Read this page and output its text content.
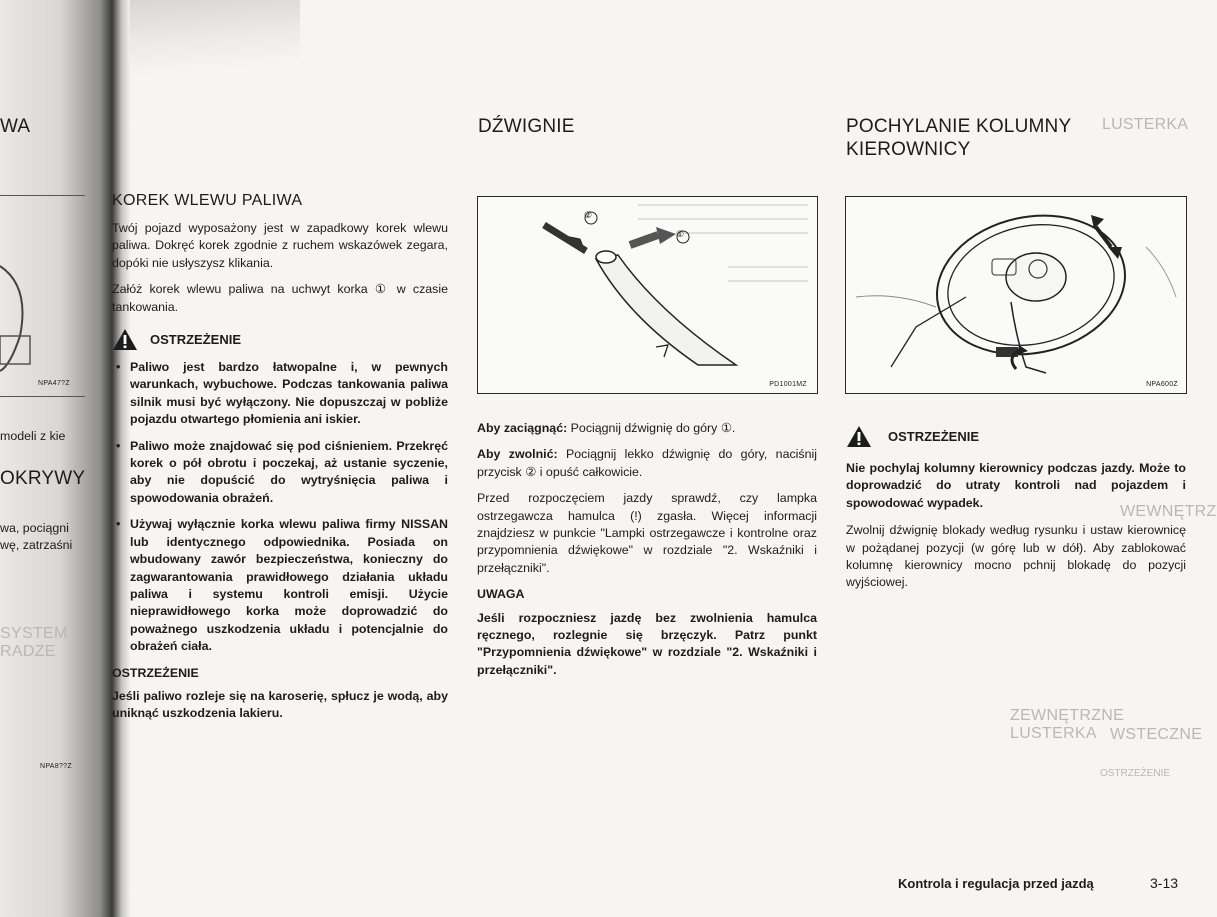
WA
NPA47?Z
modeli z kie
OKRYWY
wa, pociągni
wę, zatrzaśni
SYSTEM
RADZE
NPA8??Z
KOREK WLEWU PALIWA

Twój pojazd wyposażony jest w zapadkowy korek wlewu paliwa. Dokręć korek zgodnie z ruchem wskazówek zegara, dopóki nie usłyszysz klikania.

Załóż korek wlewu paliwa na uchwyt korka ① w czasie tankowania.

OSTRZEŻENIE

• Paliwo jest bardzo łatwopalne i, w pewnych warunkach, wybuchowe. Podczas tankowania paliwa silnik musi być wyłączony. Nie dopuszczaj w pobliże pojazdu otwartego płomienia ani iskier.

• Paliwo może znajdować się pod ciśnieniem. Przekręć korek o pół obrotu i poczekaj, aż ustanie syczenie, aby nie dopuścić do wytryśnięcia paliwa i spowodowania obrażeń.

• Używaj wyłącznie korka wlewu paliwa firmy NISSAN lub identycznego odpowiednika. Posiada on wbudowany zawór bezpieczeństwa, konieczny do zagwarantowania prawidłowego działania układu paliwa i systemu kontroli emisji. Użycie nieprawidłowego korka może doprowadzić do poważnego uszkodzenia układu i potencjalnie do obrażeń ciała.

OSTRZEŻENIE

Jeśli paliwo rozleje się na karoserię, spłucz je wodą, aby uniknąć uszkodzenia lakieru.

DŹWIGNIE
②
①
PD1001MZ

Aby zaciągnąć: Pociągnij dźwignię do góry ①.

Aby zwolnić: Pociągnij lekko dźwignię do góry, naciśnij przycisk ② i opuść całkowicie.

Przed rozpoczęciem jazdy sprawdź, czy lampka ostrzegawcza hamulca (!) zgasła. Więcej informacji znajdziesz w punkcie "Lampki ostrzegawcze i kontrolne oraz przypomnienia dźwiękowe" w rozdziale "2. Wskaźniki i przełączniki".

UWAGA

Jeśli rozpoczniesz jazdę bez zwolnienia hamulca ręcznego, rozlegnie się brzęczyk. Patrz punkt "Przypomnienia dźwiękowe" w rozdziale "2. Wskaźniki i przełączniki".

POCHYLANIE KOLUMNY
KIEROWNICY
LUSTERKA
NPA600Z
OSTRZEŻENIE

Nie pochylaj kolumny kierownicy podczas jazdy. Może to doprowadzić do utraty kontroli nad pojazdem i spowodować wypadek.

Zwolnij dźwignię blokady według rysunku i ustaw kierownicę w pożądanej pozycji (w górę lub w dół). Aby zablokować kolumnę kierownicy mocno pchnij blokadę do pozycji wyjściowej.

WEWNĘTRZ
ZEWNĘTRZNE LUSTERKA WSTECZNE
OSTRZEŻENIE
Kontrola i regulacja przed jazdą	3-13
